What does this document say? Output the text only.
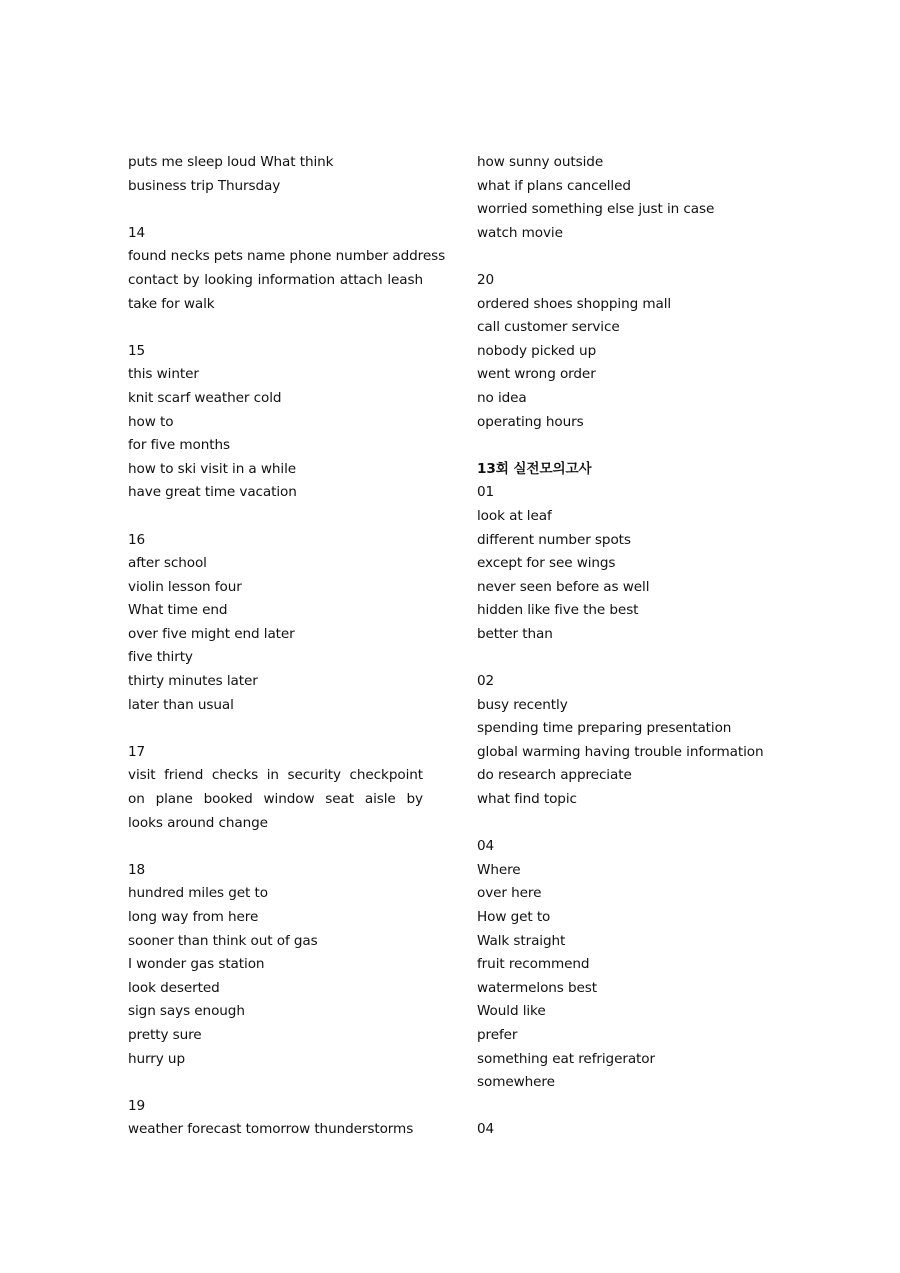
puts me sleep loud What think
business trip Thursday
14
found necks pets name phone number address
contact by looking information attach leash
take for walk
15
this winter
knit scarf weather cold
how to
for five months
how to ski visit in a while
have great time vacation
16
after school
violin lesson four
What time end
over five might end later
five thirty
thirty minutes later
later than usual
17
visit friend checks in security checkpoint
on plane booked window seat aisle by
looks around change
18
hundred miles get to
long way from here
sooner than think out of gas
I wonder gas station
look deserted
sign says enough
pretty sure
hurry up
19
weather forecast tomorrow thunderstorms
how sunny outside
what if plans cancelled
worried something else just in case
watch movie
20
ordered shoes shopping mall
call customer service
nobody picked up
went wrong order
no idea
operating hours
13회 실전모의고사
01
look at leaf
different number spots
except for see wings
never seen before as well
hidden like five the best
better than
02
busy recently
spending time preparing presentation
global warming having trouble information
do research appreciate
what find topic
04
Where
over here
How get to
Walk straight
fruit recommend
watermelons best
Would like
prefer
something eat refrigerator
somewhere
04
